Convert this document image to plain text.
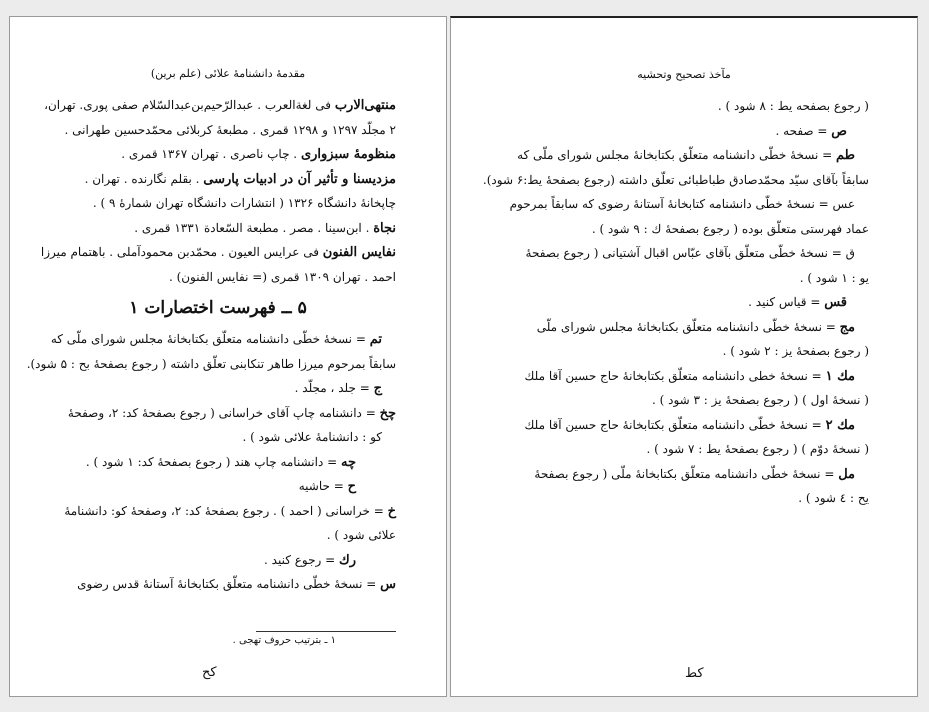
مقدمهٔ دانشنامهٔ علائی (علم برین)
منتهی‌الارب فی لغة‌العرب . عبدالرّحیم‌بن‌عبدالسّلام صفی پوری. تهران،
۲ مجلّد ۱۲۹۷ و ۱۲۹۸ قمری . مطبعهٔ کربلائی محمّدحسین طهرانی .
منظومهٔ سبزواری . چاپ ناصری . تهران ۱۳۶۷ قمری .
مزدیسنا و تأثیر آن در ادبیات پارسی . بقلم نگارنده . تهران .
چاپخانهٔ دانشگاه ۱۳۲۶ ( انتشارات دانشگاه تهران شمارهٔ ۹ ) .
نجاة . ابن‌سینا . مصر . مطبعة السّعادة ۱۳۳۱ قمری .
نفایس الفنون فی عرایس العیون . محمّدبن محمودآملی . باهتمام میرزا
احمد . تهران ۱۳۰۹ قمری (= نفایس الفنون) .
۵ ــ فهرست اختصارات ۱
تم = نسخهٔ خطّی دانشنامه متعلّق بکتابخانهٔ مجلس شورای ملّی که
سابقاً بمرحوم میرزا طاهر تنکابنی تعلّق داشته ( رجوع بصفحهٔ بح : ۵ شود).
ج = جلد ، مجلّد .
چخ = دانشنامه چاپ آقای خراسانی ( رجوع بصفحهٔ کد: ۲، وصفحهٔ
کو : دانشنامهٔ علائی شود ) .
چه = دانشنامه چاپ هند ( رجوع بصفحهٔ کد: ۱ شود ) .
ح = حاشیه
خ = خراسانی ( احمد ) . رجوع بصفحهٔ کد: ۲، وصفحهٔ کو: دانشنامهٔ
علائی شود ) .
رك = رجوع کنید .
س = نسخهٔ خطّی دانشنامه متعلّق بکتابخانهٔ آستانهٔ قدس رضوی
۱ ـ بترتیب حروف تهجی .
کح
مآخذ تصحیح وتحشیه
( رجوع بصفحه یط : ۸ شود ) .
ص = صفحه .
طم = نسخهٔ خطّی دانشنامه متعلّق بکتابخانهٔ مجلس شورای ملّی که
سابقاً بآقای سیّد محمّدصادق طباطبائی تعلّق داشته (رجوع بصفحهٔ یط:۶ شود).
عس = نسخهٔ خطّی دانشنامه کتابخانهٔ آستانهٔ رضوی که سابقاً بمرحوم
عماد فهرستی متعلّق بوده ( رجوع بصفحهٔ ك : ۹ شود ) .
ق = نسخهٔ خطّی متعلّق بآقای عبّاس اقبال آشتیانی ( رجوع بصفحهٔ
یو : ۱ شود ) .
قس = قیاس کنید .
مج = نسخهٔ خطّی دانشنامه متعلّق بکتابخانهٔ مجلس شورای ملّی
( رجوع بصفحهٔ یز : ۲ شود ) .
مك ۱ = نسخهٔ خطی دانشنامه متعلّق بکتابخانهٔ حاج حسین آقا ملك
( نسخهٔ اول ) ( رجوع بصفحهٔ یز : ۳ شود ) .
مك ۲ = نسخهٔ خطّی دانشنامه متعلّق بکتابخانهٔ حاج حسین آقا ملك
( نسخهٔ دوّم ) ( رجوع بصفحهٔ یط : ۷ شود ) .
مل = نسخهٔ خطّی دانشنامه متعلّق بکتابخانهٔ ملّی ( رجوع بصفحهٔ
یح : ٤ شود ) .
کط
